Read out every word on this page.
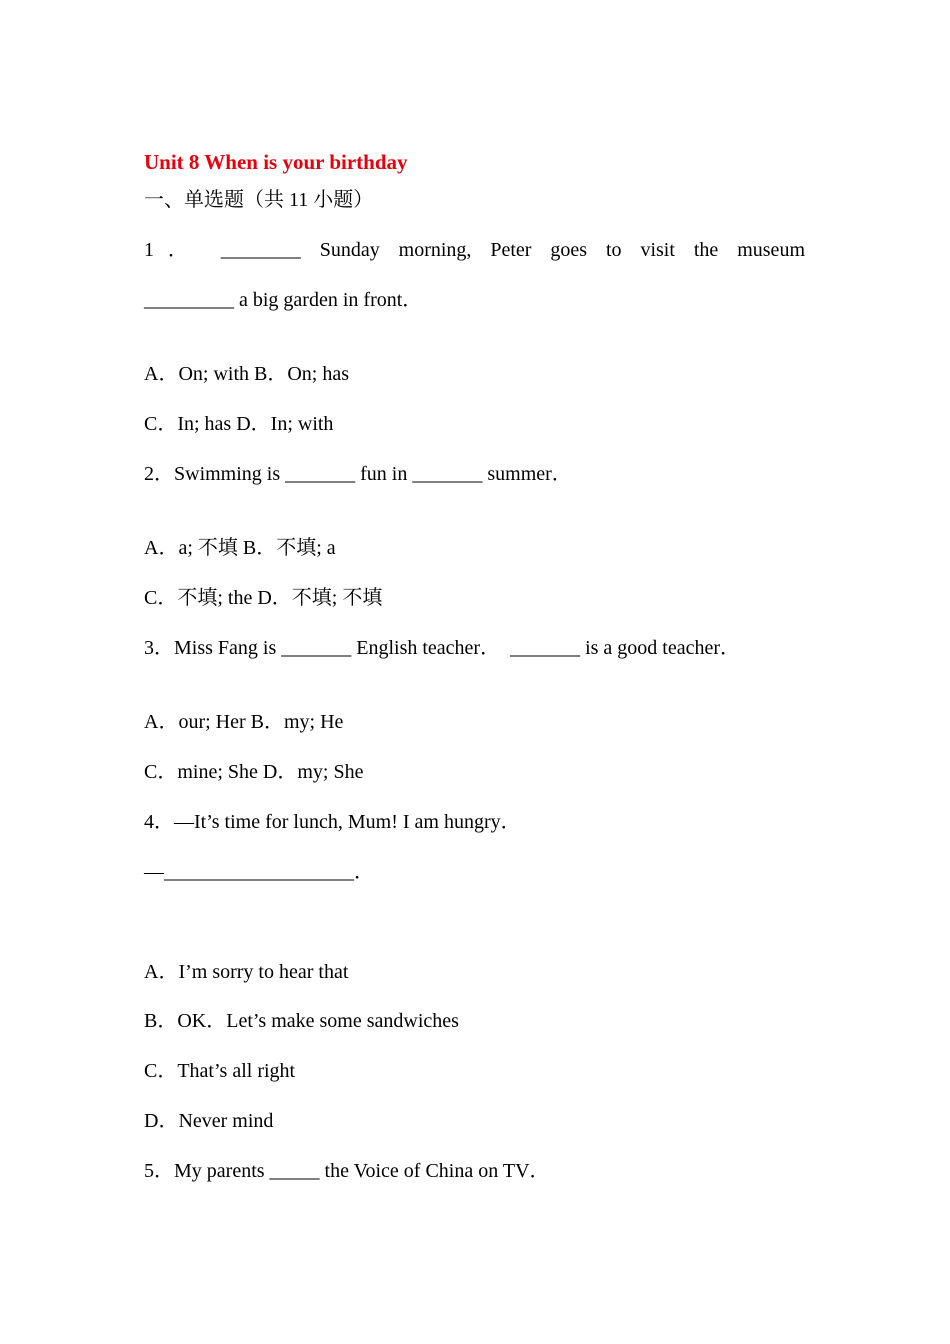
Unit 8 When is your birthday
一、单选题（共 11 小题）
1． ________ Sunday morning, Peter goes to visit the museum
_________ a big garden in front．
A．On; with B．On; has
C．In; has D．In; with
2．Swimming is _______ fun in _______ summer．
A．a; 不填 B．不填; a
C．不填; the D．不填; 不填
3．Miss Fang is _______ English teacher．  _______ is a good teacher．
A．our; Her B．my; He
C．mine; She D．my; She
4．—It’s time for lunch, Mum! I am hungry．
—___________________．
A．I’m sorry to hear that
B．OK．Let’s make some sandwiches
C．That’s all right
D．Never mind
5．My parents _____ the Voice of China on TV．
